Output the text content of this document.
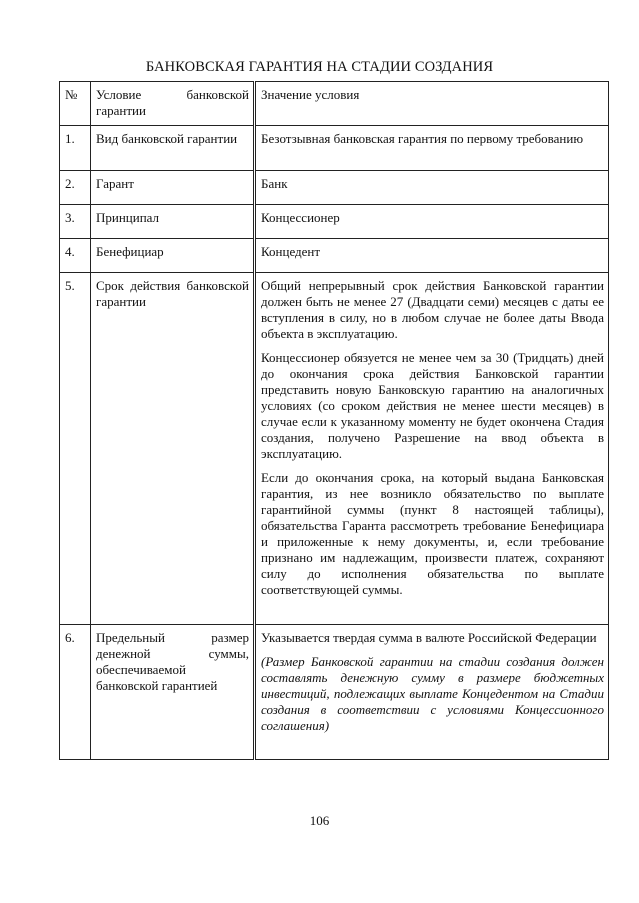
БАНКОВСКАЯ ГАРАНТИЯ НА СТАДИИ СОЗДАНИЯ
№	Условие банковской гарантии	Значение условия
1.	Вид банковской гарантии	Безотзывная банковская гарантия по первому требованию
2.	Гарант	Банк
3.	Принципал	Концессионер
4.	Бенефициар	Концедент
5.	Срок действия банковской гарантии	Общий непрерывный срок действия Банковской гарантии должен быть не менее 27 (Двадцати семи) месяцев с даты ее вступления в силу, но в любом случае не более даты Ввода объекта в эксплуатацию.

Концессионер обязуется не менее чем за 30 (Тридцать) дней до окончания срока действия Банковской гарантии представить новую Банковскую гарантию на аналогичных условиях (со сроком действия не менее шести месяцев) в случае если к указанному моменту не будет окончена Стадия создания, получено Разрешение на ввод объекта в эксплуатацию.

Если до окончания срока, на который выдана Банковская гарантия, из нее возникло обязательство по выплате гарантийной суммы (пункт 8 настоящей таблицы), обязательства Гаранта рассмотреть требование Бенефициара и приложенные к нему документы, и, если требование признано им надлежащим, произвести платеж, сохраняют силу до исполнения обязательства по выплате соответствующей суммы.

6.	Предельный размер денежной суммы, обеспечиваемой банковской гарантией	Указывается твердая сумма в валюте Российской Федерации

(Размер Банковской гарантии на стадии создания должен составлять денежную сумму в размере бюджетных инвестиций, подлежащих выплате Концедентом на Стадии создания в соответствии с условиями Концессионного соглашения)

106
